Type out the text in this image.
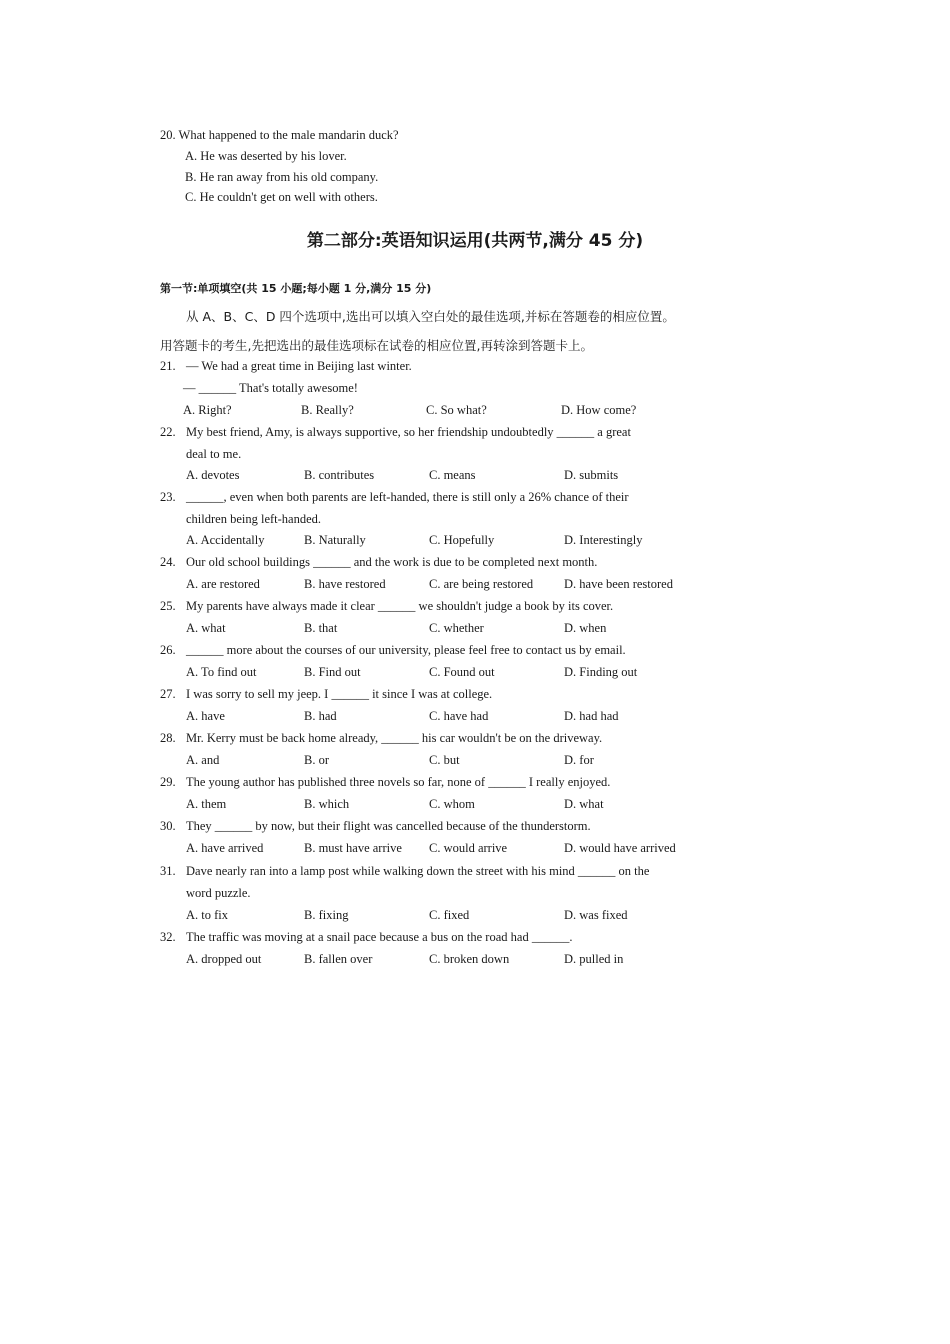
20. What happened to the male mandarin duck?
A. He was deserted by his lover.
B. He ran away from his old company.
C. He couldn't get on well with others.
第二部分:英语知识运用(共两节,满分 45 分)
第一节:单项填空(共 15 小题;每小题 1 分,满分 15 分)
从 A、B、C、D 四个选项中,选出可以填入空白处的最佳选项,并标在答题卷的相应位置。
用答题卡的考生,先把选出的最佳选项标在试卷的相应位置,再转涂到答题卡上。
21. — We had a great time in Beijing last winter.
— ______ That's totally awesome!
A. Right?	B. Really?	C. So what?	D. How come?
22. My best friend, Amy, is always supportive, so her friendship undoubtedly ______ a great
deal to me.
A. devotes	B. contributes	C. means	D. submits
23. ______, even when both parents are left-handed, there is still only a 26% chance of their
children being left-handed.
A. Accidentally	B. Naturally	C. Hopefully	D. Interestingly
24. Our old school buildings ______ and the work is due to be completed next month.
A. are restored	B. have restored	C. are being restored D. have been restored
25. My parents have always made it clear ______ we shouldn't judge a book by its cover.
A. what	B. that	C. whether	D. when
26. ______ more about the courses of our university, please feel free to contact us by email.
A. To find out	B. Find out	C. Found out	D. Finding out
27. I was sorry to sell my jeep. I ______ it since I was at college.
A. have	B. had	C. have had	D. had had
28. Mr. Kerry must be back home already, ______ his car wouldn't be on the driveway.
A. and	B. or	C. but	D. for
29. The young author has published three novels so far, none of ______ I really enjoyed.
A. them	B. which	C. whom	D. what
30. They ______ by now, but their flight was cancelled because of the thunderstorm.
A. have arrived	B. must have arrive C. would arrive	D. would have arrived
31. Dave nearly ran into a lamp post while walking down the street with his mind ______ on the
word puzzle.
A. to fix	B. fixing	C. fixed	D. was fixed
32. The traffic was moving at a snail pace because a bus on the road had ______.
A. dropped out	B. fallen over	C. broken down	D. pulled in
